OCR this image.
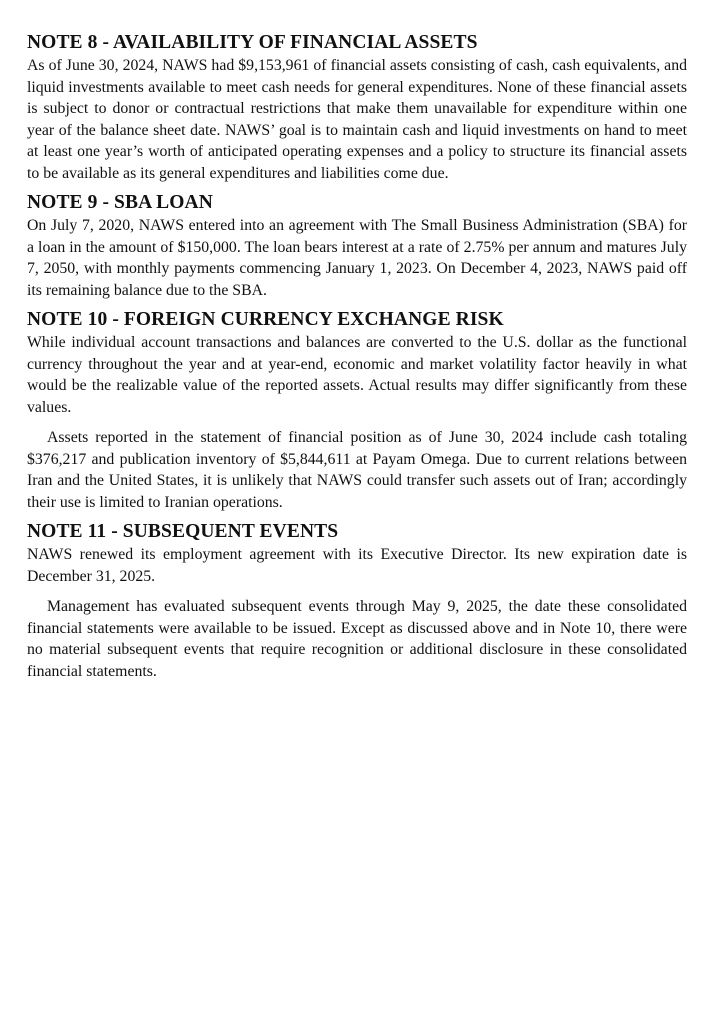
NOTE 8 - AVAILABILITY OF FINANCIAL ASSETS

As of June 30, 2024, NAWS had $9,153,961 of financial assets consisting of cash, cash equivalents, and liquid investments available to meet cash needs for general expenditures. None of these financial assets is subject to donor or contractual restrictions that make them unavailable for expenditure within one year of the balance sheet date. NAWS’ goal is to maintain cash and liquid investments on hand to meet at least one year’s worth of anticipated operating expenses and a policy to structure its financial assets to be available as its general expenditures and liabilities come due.

NOTE 9 - SBA LOAN

On July 7, 2020, NAWS entered into an agreement with The Small Business Administration (SBA) for a loan in the amount of $150,000. The loan bears interest at a rate of 2.75% per annum and matures July 7, 2050, with monthly payments commencing January 1, 2023. On December 4, 2023, NAWS paid off its remaining balance due to the SBA.

NOTE 10 - FOREIGN CURRENCY EXCHANGE RISK

While individual account transactions and balances are converted to the U.S. dollar as the functional currency throughout the year and at year-end, economic and market volatility factor heavily in what would be the realizable value of the reported assets. Actual results may differ significantly from these values.

Assets reported in the statement of financial position as of June 30, 2024 include cash totaling $376,217 and publication inventory of $5,844,611 at Payam Omega. Due to current relations between Iran and the United States, it is unlikely that NAWS could transfer such assets out of Iran; accordingly their use is limited to Iranian operations.

NOTE 11 - SUBSEQUENT EVENTS

NAWS renewed its employment agreement with its Executive Director. Its new expiration date is December 31, 2025.

Management has evaluated subsequent events through May 9, 2025, the date these consolidated financial statements were available to be issued. Except as discussed above and in Note 10, there were no material subsequent events that require recognition or additional disclosure in these consolidated financial statements.
